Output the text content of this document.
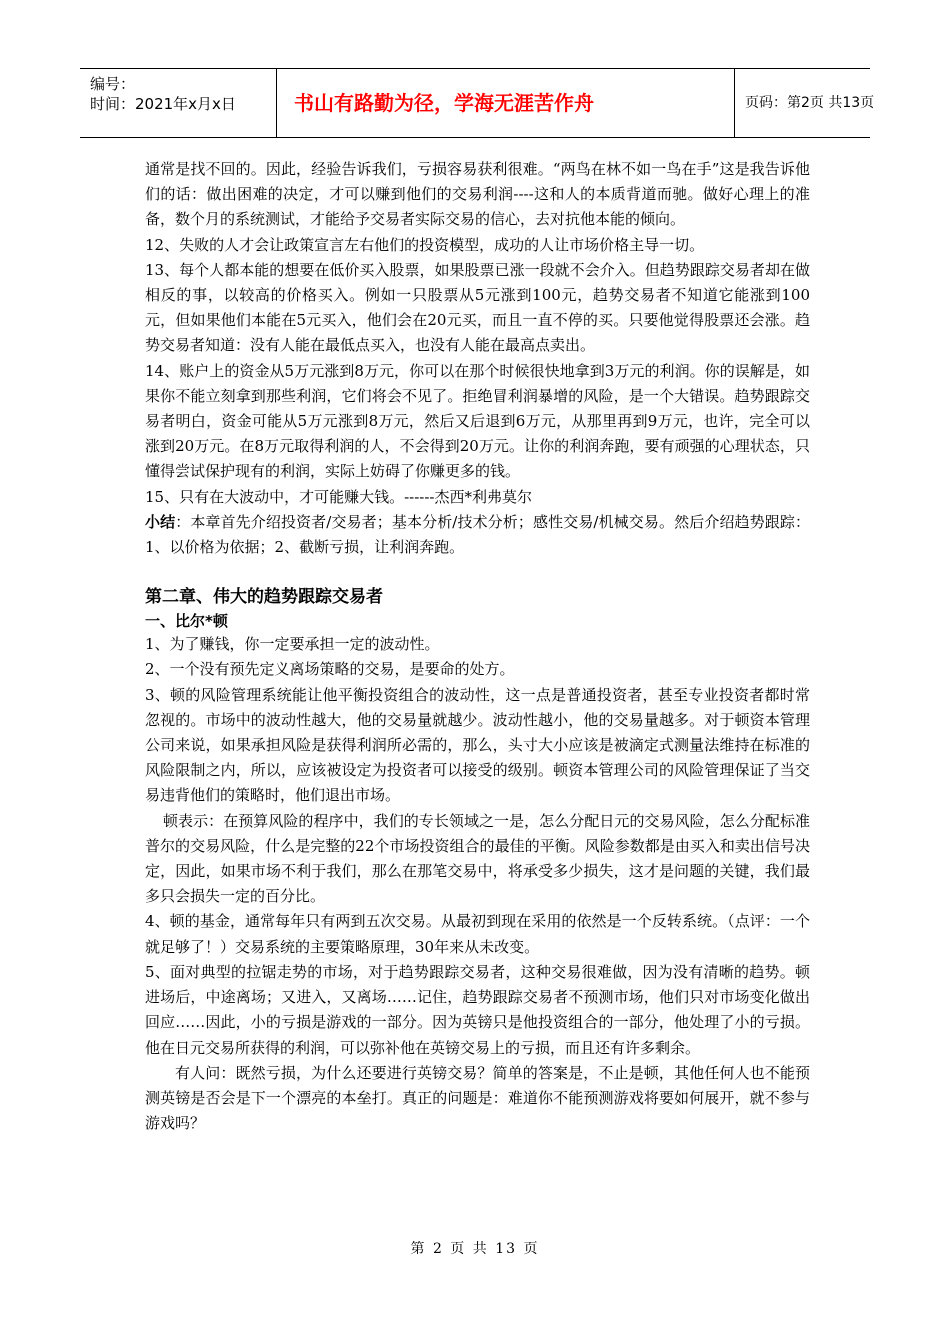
编号：
时间：2021年x月x日	书山有路勤为径，学海无涯苦作舟	页码：第2页 共13页

通常是找不回的。因此，经验告诉我们，亏损容易获利很难。“两鸟在林不如一鸟在手”这是我告诉他们的话：做出困难的决定，才可以赚到他们的交易利润----这和人的本质背道而驰。做好心理上的准备，数个月的系统测试，才能给予交易者实际交易的信心，去对抗他本能的倾向。

12、失败的人才会让政策宣言左右他们的投资模型，成功的人让市场价格主导一切。

13、每个人都本能的想要在低价买入股票，如果股票已涨一段就不会介入。但趋势跟踪交易者却在做相反的事，以较高的价格买入。例如一只股票从5元涨到100元，趋势交易者不知道它能涨到100元，但如果他们本能在5元买入，他们会在20元买，而且一直不停的买。只要他觉得股票还会涨。趋势交易者知道：没有人能在最低点买入，也没有人能在最高点卖出。

14、账户上的资金从5万元涨到8万元，你可以在那个时候很快地拿到3万元的利润。你的误解是，如果你不能立刻拿到那些利润，它们将会不见了。拒绝冒利润暴增的风险，是一个大错误。趋势跟踪交易者明白，资金可能从5万元涨到8万元，然后又后退到6万元，从那里再到9万元，也许，完全可以涨到20万元。在8万元取得利润的人，不会得到20万元。让你的利润奔跑，要有顽强的心理状态，只懂得尝试保护现有的利润，实际上妨碍了你赚更多的钱。

15、只有在大波动中，才可能赚大钱。------杰西*利弗莫尔

小结：本章首先介绍投资者/交易者；基本分析/技术分析；感性交易/机械交易。然后介绍趋势跟踪：1、以价格为依据；2、截断亏损，让利润奔跑。

第二章、伟大的趋势跟踪交易者
一、比尔*顿

1、为了赚钱，你一定要承担一定的波动性。

2、一个没有预先定义离场策略的交易，是要命的处方。

3、顿的风险管理系统能让他平衡投资组合的波动性，这一点是普通投资者，甚至专业投资者都时常忽视的。市场中的波动性越大，他的交易量就越少。波动性越小，他的交易量越多。对于顿资本管理公司来说，如果承担风险是获得利润所必需的，那么，头寸大小应该是被滴定式测量法维持在标准的风险限制之内，所以，应该被设定为投资者可以接受的级别。顿资本管理公司的风险管理保证了当交易违背他们的策略时，他们退出市场。

顿表示：在预算风险的程序中，我们的专长领域之一是，怎么分配日元的交易风险，怎么分配标准普尔的交易风险，什么是完整的22个市场投资组合的最佳的平衡。风险参数都是由买入和卖出信号决定，因此，如果市场不利于我们，那么在那笔交易中，将承受多少损失，这才是问题的关键，我们最多只会损失一定的百分比。

4、顿的基金，通常每年只有两到五次交易。从最初到现在采用的依然是一个反转系统。（点评：一个就足够了！）交易系统的主要策略原理，30年来从未改变。

5、面对典型的拉锯走势的市场，对于趋势跟踪交易者，这种交易很难做，因为没有清晰的趋势。顿进场后，中途离场；又进入，又离场……记住，趋势跟踪交易者不预测市场，他们只对市场变化做出回应……因此，小的亏损是游戏的一部分。因为英镑只是他投资组合的一部分，他处理了小的亏损。他在日元交易所获得的利润，可以弥补他在英镑交易上的亏损，而且还有许多剩余。

有人问：既然亏损，为什么还要进行英镑交易？简单的答案是，不止是顿，其他任何人也不能预测英镑是否会是下一个漂亮的本垒打。真正的问题是：难道你不能预测游戏将要如何展开，就不参与游戏吗？

第 2 页 共 13 页
